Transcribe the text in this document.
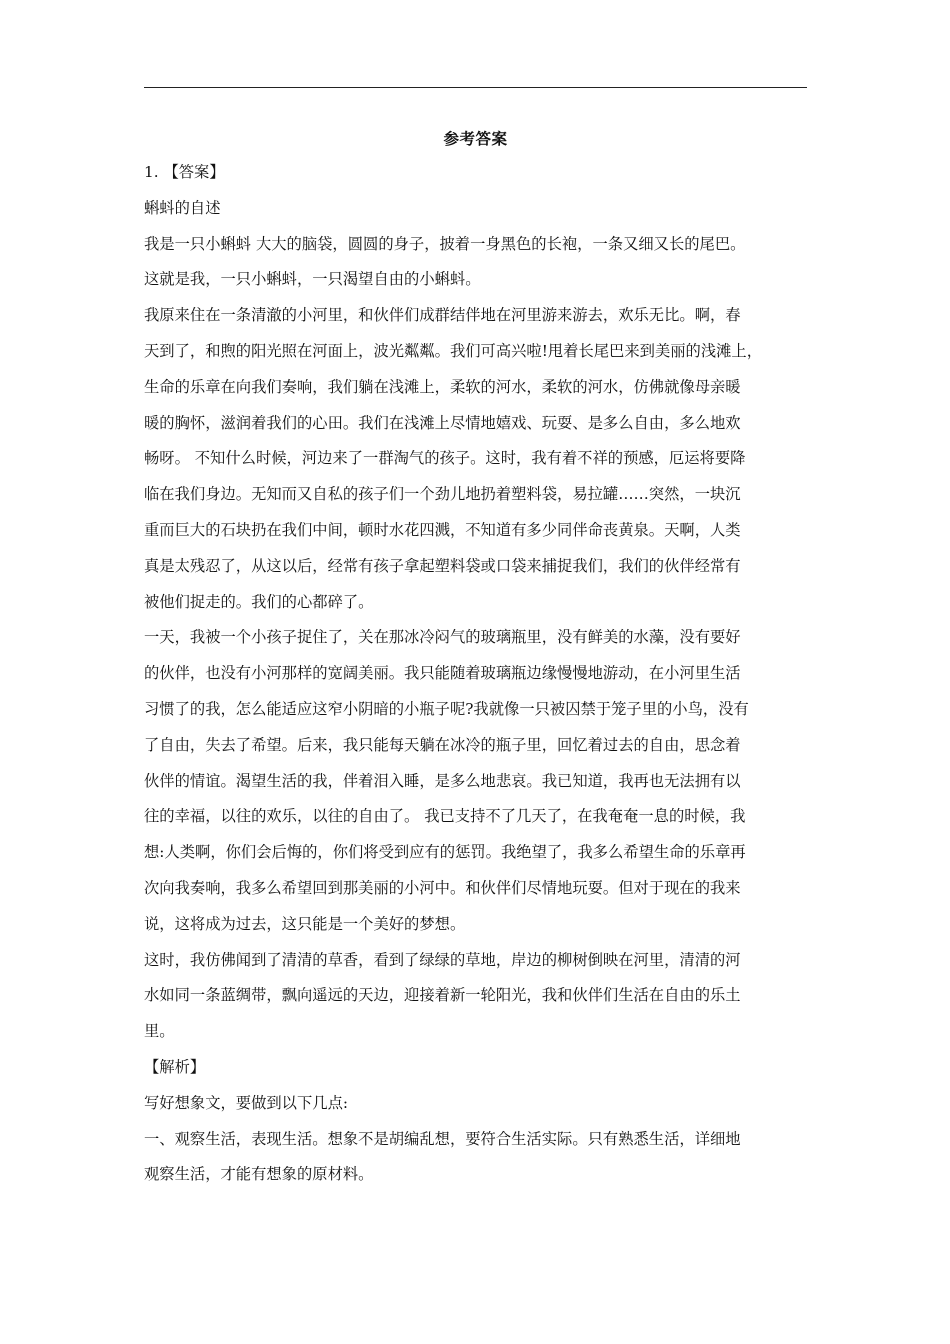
参考答案
1. 【答案】
蝌蚪的自述
我是一只小蝌蚪 大大的脑袋，圆圆的身子，披着一身黑色的长袍，一条又细又长的尾巴。
这就是我，一只小蝌蚪，一只渴望自由的小蝌蚪。
我原来住在一条清澈的小河里，和伙伴们成群结伴地在河里游来游去，欢乐无比。啊，春
天到了，和煦的阳光照在河面上，波光粼粼。我们可高兴啦!甩着长尾巴来到美丽的浅滩上，
生命的乐章在向我们奏响，我们躺在浅滩上，柔软的河水，柔软的河水，仿佛就像母亲暖
暖的胸怀，滋润着我们的心田。我们在浅滩上尽情地嬉戏、玩耍、是多么自由，多么地欢
畅呀。 不知什么时候，河边来了一群淘气的孩子。这时，我有着不祥的预感，厄运将要降
临在我们身边。无知而又自私的孩子们一个劲儿地扔着塑料袋，易拉罐……突然，一块沉
重而巨大的石块扔在我们中间，顿时水花四溅，不知道有多少同伴命丧黄泉。天啊，人类
真是太残忍了，从这以后，经常有孩子拿起塑料袋或口袋来捕捉我们，我们的伙伴经常有
被他们捉走的。我们的心都碎了。
一天，我被一个小孩子捉住了，关在那冰冷闷气的玻璃瓶里，没有鲜美的水藻，没有要好
的伙伴，也没有小河那样的宽阔美丽。我只能随着玻璃瓶边缘慢慢地游动，在小河里生活
习惯了的我，怎么能适应这窄小阴暗的小瓶子呢?我就像一只被囚禁于笼子里的小鸟，没有
了自由，失去了希望。后来，我只能每天躺在冰冷的瓶子里，回忆着过去的自由，思念着
伙伴的情谊。渴望生活的我，伴着泪入睡，是多么地悲哀。我已知道，我再也无法拥有以
往的幸福，以往的欢乐，以往的自由了。 我已支持不了几天了，在我奄奄一息的时候，我
想:人类啊，你们会后悔的，你们将受到应有的惩罚。我绝望了，我多么希望生命的乐章再
次向我奏响，我多么希望回到那美丽的小河中。和伙伴们尽情地玩耍。但对于现在的我来
说，这将成为过去，这只能是一个美好的梦想。
这时，我仿佛闻到了清清的草香，看到了绿绿的草地，岸边的柳树倒映在河里，清清的河
水如同一条蓝绸带，飘向遥远的天边，迎接着新一轮阳光，我和伙伴们生活在自由的乐土
里。
【解析】
写好想象文，要做到以下几点:
一、观察生活，表现生活。想象不是胡编乱想，要符合生活实际。只有熟悉生活，详细地
观察生活，才能有想象的原材料。
